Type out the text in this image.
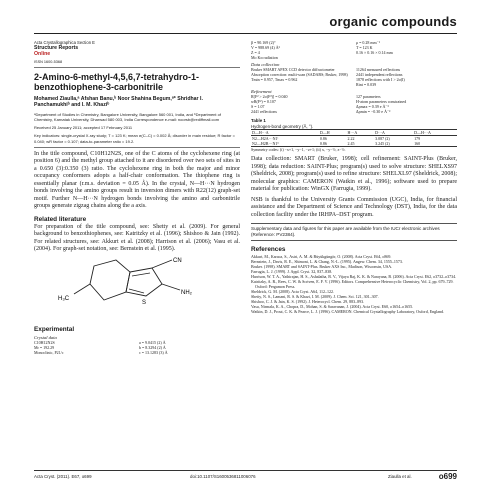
organic compounds
Acta Crystallographica Section E
Structure Reports
Online
ISSN 1600-5368
2-Amino-6-methyl-4,5,6,7-tetrahydro-1-benzothiophene-3-carbonitrile
Mohamed Ziaulla,ᵃ Afshan Banu,ᵇ Noor Shahina Begum,ᵃ* Shridhar I. Panchamukhiᵇ and I. M. Khaziᵇ
ᵃDepartment of Studies in Chemistry, Bangalore University, Bangalore 560 001, India, and ᵇDepartment of Chemistry, Karnatak University, Dharwad 580 003, India Correspondence e-mail: noorsb@rediffmail.com
Received 25 January 2011; accepted 17 February 2011
Key indicators: single-crystal X-ray study; T = 123 K; mean σ(C–C) = 0.002 Å; disorder in main residue; R factor = 0.040; wR factor = 0.107; data-to-parameter ratio = 19.2.
In the title compound, C10H12N2S, one of the C atoms of the cyclohexene ring (at position 6) and the methyl group attached to it are disordered over two sets of sites in a 0.650 (3):0.350 (3) ratio. The cyclohexene ring in both the major and minor occupancy conformers adopts a half-chair conformation. The thiophene ring is essentially planar (r.m.s. deviation = 0.05 Å). In the crystal, N—H···N hydrogen bonds involving the amino groups result in inversion dimers with R22(12) graph-set motif. Further N—H···N hydrogen bonds involving the amino and carbonitrile groups generate zigzag chains along the a axis.
Related literature
For preparation of the title compound, see: Shetty et al. (2009). For general background to benzothiophenes, see: Katritzky et al. (1996); Shishoo & Jain (1992). For related structures, see: Akkurt et al. (2008); Harrison et al. (2006); Vasu et al. (2004). For graph-set notation, see: Bernstein et al. (1995).
CN
H₃C
S
NH₂
Experimental
Crystal data
C10H12N2S
Mr = 192.29
Monoclinic, P21/c
a = 9.0415 (2) Å
b = 8.3294 (2) Å
c = 13.1283 (3) Å
β = 90.169 (2)°
V = 988.69 (4) Å³
Z = 4
Mo Kα radiation
μ = 0.28 mm⁻¹
T = 123 K
0.16 × 0.16 × 0.14 mm
Data collection
Bruker SMART APEX CCD detector diffractometer
Absorption correction: multi-scan (SADABS; Bruker, 1998)
Tmin = 0.957, Tmax = 0.962
11264 measured reflections
2441 independent reflections
1878 reflections with I > 2σ(I)
Rint = 0.039
Refinement
R[F² > 2σ(F²)] = 0.040
wR(F²) = 0.107
S = 1.07
2441 reflections
127 parameters
H-atom parameters constrained
Δρmax = 0.39 e Å⁻³
Δρmin = −0.30 e Å⁻³
Table 1
Hydrogen-bond geometry (Å, °).
D—H···A	D—H	H···A	D···A	D—H···A
N2—H2A···N1ⁱ	0.86	2.22	3.087 (2)	179
N2—H2B···N1ⁱⁱ	0.86	2.45	3.245 (2)	160
Symmetry codes: (i) −x+1, −y−1, −z+1; (ii) x, −y−½, z−½.
Data collection: SMART (Bruker, 1998); cell refinement: SAINT-Plus (Bruker, 1998); data reduction: SAINT-Plus; program(s) used to solve structure: SHELXS97 (Sheldrick, 2008); program(s) used to refine structure: SHELXL97 (Sheldrick, 2008); molecular graphics: CAMERON (Watkin et al., 1996); software used to prepare material for publication: WinGX (Farrugia, 1999).
NSB is thankful to the University Grants Commission (UGC), India, for financial assistance and the Department of Science and Technology (DST), India, for the data collection facility under the IRHPA–DST program.
Supplementary data and figures for this paper are available from the IUCr electronic archives (Reference: PV2384).
References
Akkurt, M., Karaca, S., Asiri, A. M. & Büyükgüngör, O. (2008). Acta Cryst. E64, o869.
Bernstein, J., Davis, R. E., Shimoni, L. & Chang, N.-L. (1995). Angew. Chem. 34, 1555–1573.
Bruker. (1998). SMART and SAINT-Plus. Bruker AXS Inc., Madison, Wisconsin, USA.
Farrugia, L. J. (1999). J. Appl. Cryst. 32, 837–838.
Harrison, W. T. A., Yathirajan, H. S., Ashalatha, B. V., Vijaya Raj, K. K. & Narayana, B. (2006). Acta Cryst. E62, o3732–o3734.
Katritzky, A. R., Rees, C. W. & Scriven, E. F. V. (1996). Editors. Comprehensive Heterocyclic Chemistry, Vol. 2, pp. 679–729. Oxford: Pergamon Press.
Sheldrick, G. M. (2008). Acta Cryst. A64, 112–122.
Shetty, N. S., Lamani, R. S. & Khazi, I. M. (2009). J. Chem. Sci. 121, 301–307.
Shishoo, C. J. & Jain, K. S. (1992). J. Heterocycl. Chem. 29, 883–893.
Vasu, Nirmala, K. A., Chopra, D., Mohan, S. & Saravanan, J. (2004). Acta Cryst. E60, o1654–o1655.
Watkin, D. J., Prout, C. K. & Pearce, L. J. (1996). CAMERON. Chemical Crystallography Laboratory, Oxford, England.
Acta Cryst. (2011). E67, o699	doi:10.1107/S1600536811006076	Ziaulla et al.	o699
